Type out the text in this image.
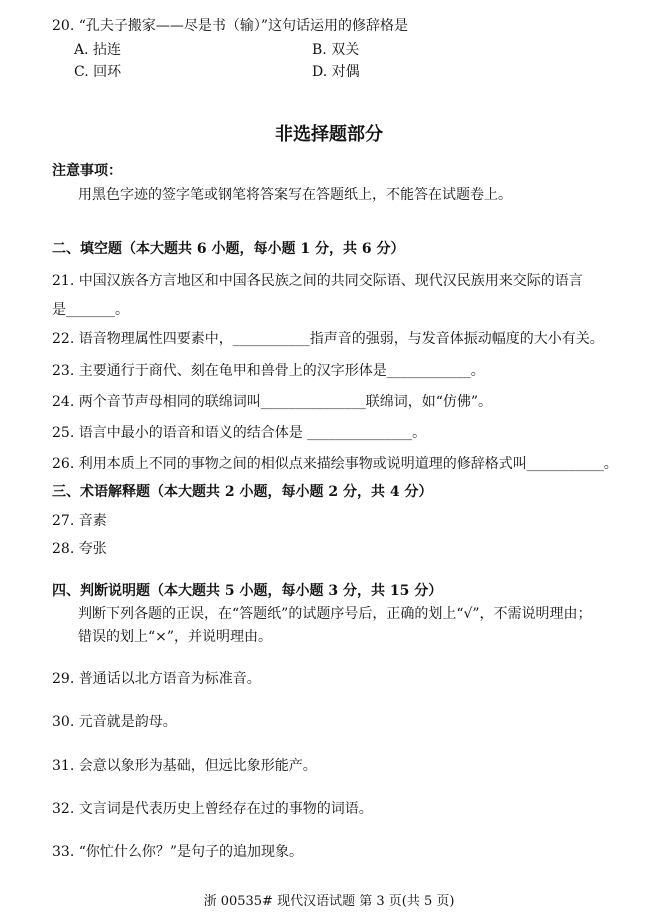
20. “孔夫子搬家——尽是书（输）”这句话运用的修辞格是
A. 拈连	B. 双关
C. 回环	D. 对偶
非选择题部分
注意事项：
用黑色字迹的签字笔或钢笔将答案写在答题纸上，不能答在试题卷上。
二、填空题（本大题共 6 小题，每小题 1 分，共 6 分）
21. 中国汉族各方言地区和中国各民族之间的共同交际语、现代汉民族用来交际的语言
是_______。
22. 语音物理属性四要素中，___________指声音的强弱，与发音体振动幅度的大小有关。
23. 主要通行于商代、刻在龟甲和兽骨上的汉字形体是____________。
24. 两个音节声母相同的联绵词叫_______________联绵词，如“仿佛”。
25. 语言中最小的语音和语义的结合体是 _______________。
26. 利用本质上不同的事物之间的相似点来描绘事物或说明道理的修辞格式叫___________。
三、术语解释题（本大题共 2 小题，每小题 2 分，共 4 分）
27. 音素
28. 夸张
四、判断说明题（本大题共 5 小题，每小题 3 分，共 15 分）
判断下列各题的正误，在“答题纸”的试题序号后，正确的划上“√”，不需说明理由；
错误的划上“×”，并说明理由。
29. 普通话以北方语音为标准音。
30. 元音就是韵母。
31. 会意以象形为基础，但远比象形能产。
32. 文言词是代表历史上曾经存在过的事物的词语。
33. “你忙什么你？”是句子的追加现象。
浙 00535# 现代汉语试题 第 3 页(共 5 页)
